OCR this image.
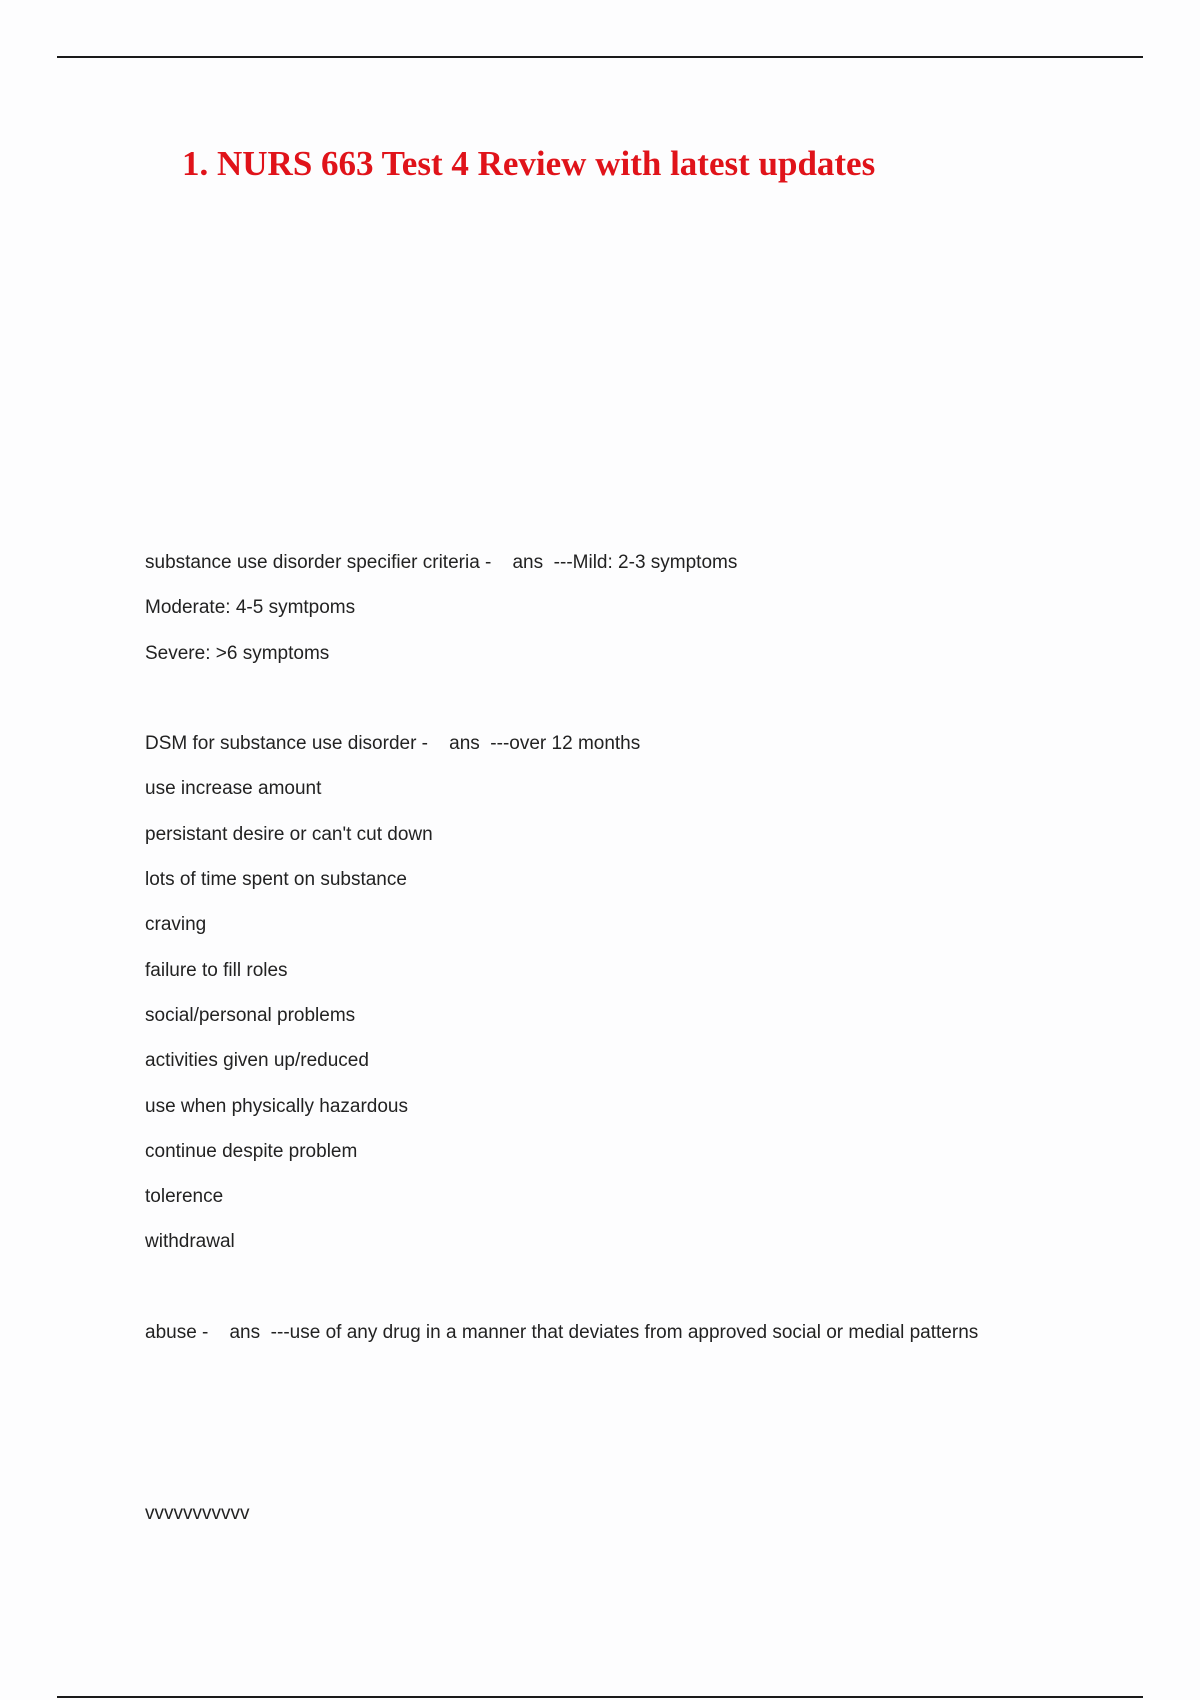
1. NURS 663 Test 4 Review with latest updates
substance use disorder specifier criteria -    ans  ---Mild: 2-3 symptoms
Moderate: 4-5 symtpoms
Severe: >6 symptoms
DSM for substance use disorder -    ans  ---over 12 months
use increase amount
persistant desire or can't cut down
lots of time spent on substance
craving
failure to fill roles
social/personal problems
activities given up/reduced
use when physically hazardous
continue despite problem
tolerence
withdrawal
abuse -    ans  ---use of any drug in a manner that deviates from approved social or medial patterns
vvvvvvvvvvv
